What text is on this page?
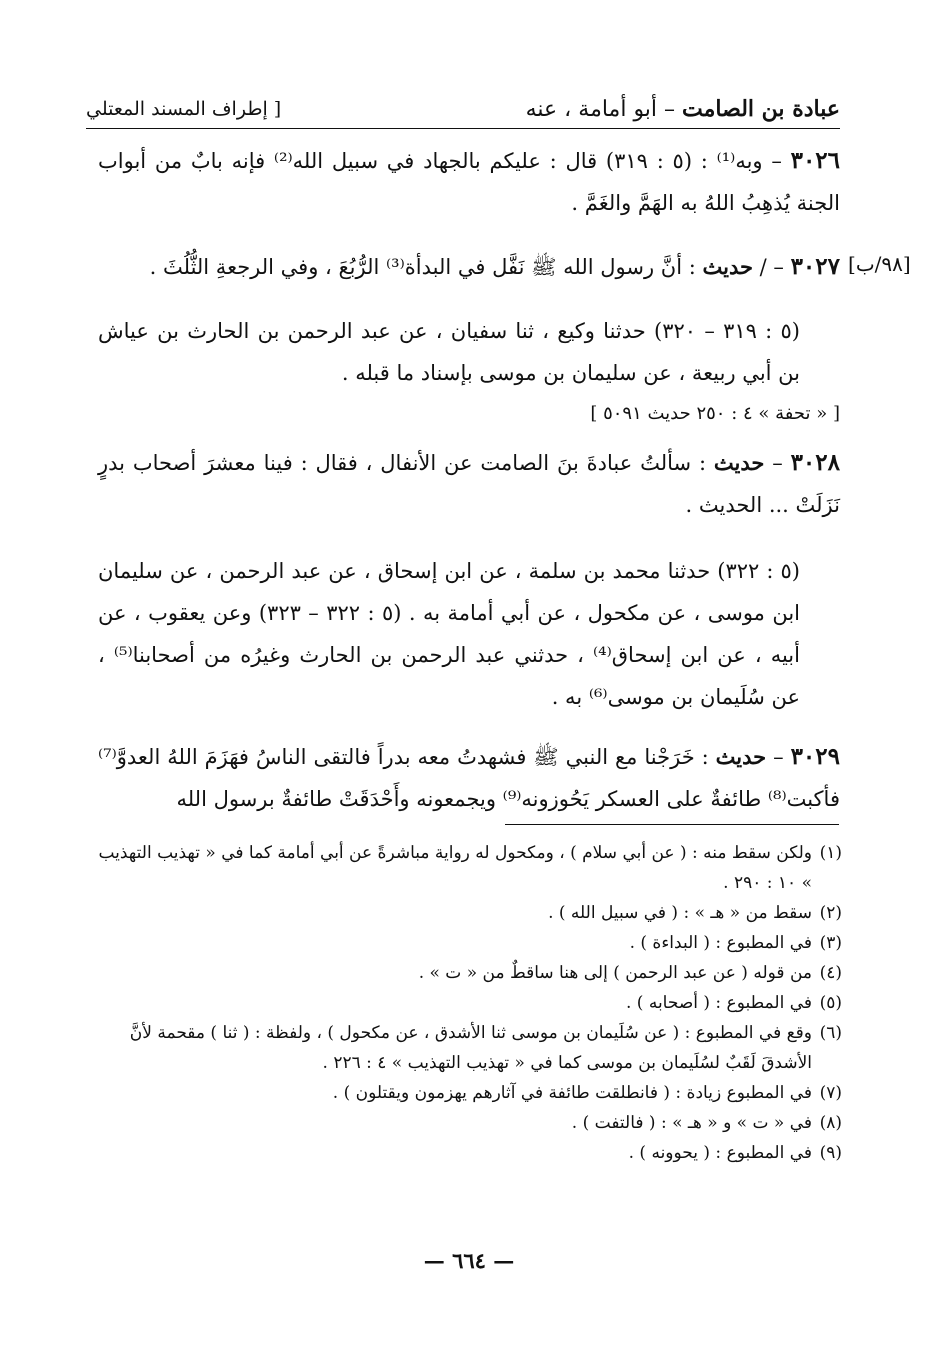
عبادة بن الصامت – أبو أمامة ، عنه
[ إطراف المسند المعتلي
٣٠٢٦ – وبه⁽¹⁾ : (٥ : ٣١٩) قال : عليكم بالجهاد في سبيل الله⁽²⁾ فإنه بابٌ من أبواب الجنة يُذهِبُ اللهُ به الهَمَّ والغَمَّ .
[٩٨/ب]
٣٠٢٧ – / حديث : أنَّ رسول الله ﷺ نَفَّل في البدأة⁽³⁾ الرُّبُعَ ، وفي الرجعةِ الثُّلُثَ .
(٥ : ٣١٩ – ٣٢٠) حدثنا وكيع ، ثنا سفيان ، عن عبد الرحمن بن الحارث بن عياش بن أبي ربيعة ، عن سليمان بن موسى بإسناد ما قبله .
[ « تحفة » ٤ : ٢٥٠ حديث ٥٠٩١ ]
٣٠٢٨ – حديث : سألتُ عبادةَ بنَ الصامت عن الأنفال ، فقال : فينا معشرَ أصحاب بدرٍ نَزَلَتْ ... الحديث .
(٥ : ٣٢٢) حدثنا محمد بن سلمة ، عن ابن إسحاق ، عن عبد الرحمن ، عن سليمان ابن موسى ، عن مكحول ، عن أبي أمامة به . (٥ : ٣٢٢ – ٣٢٣) وعن يعقوب ، عن أبيه ، عن ابن إسحاق⁽⁴⁾ ، حدثني عبد الرحمن بن الحارث وغيرُه من أصحابنا⁽⁵⁾ ، عن سُلَيمان بن موسى⁽⁶⁾ به .
٣٠٢٩ – حديث : خَرَجْنا مع النبي ﷺ فشهدتُ معه بدراً فالتقى الناسُ فهَزَمَ اللهُ العدوَّ⁽⁷⁾ فأكبت⁽⁸⁾ طائفةٌ على العسكر يَحُوزونه⁽⁹⁾ ويجمعونه وأَحْدَقَتْ طائفةٌ برسول الله
(١)ولكن سقط منه : ( عن أبي سلام ) ، ومكحول له رواية مباشرةً عن أبي أمامة كما في « تهذيب التهذيب » ١٠ : ٢٩٠ .
(٢)سقط من « هـ » : ( في سبيل الله ) .
(٣)في المطبوع : ( البداءة ) .
(٤)من قوله ( عن عبد الرحمن ) إلى هنا ساقطٌ من « ت » .
(٥)في المطبوع : ( أصحابه ) .
(٦)وقع في المطبوع : ( عن سُلَيمان بن موسى ثنا الأشدق ، عن مكحول ) ، ولفظة : ( ثنا ) مقحمة لأنَّ الأشدقَ لَقَبٌ لسُلَيمان بن موسى كما في « تهذيب التهذيب » ٤ : ٢٢٦ .
(٧)في المطبوع زيادة : ( فانطلقت طائفة في آثارهم يهزمون ويقتلون ) .
(٨)في « ت » و « هـ » : ( فالتفت ) .
(٩)في المطبوع : ( يحوونه ) .
— ٦٦٤ —
